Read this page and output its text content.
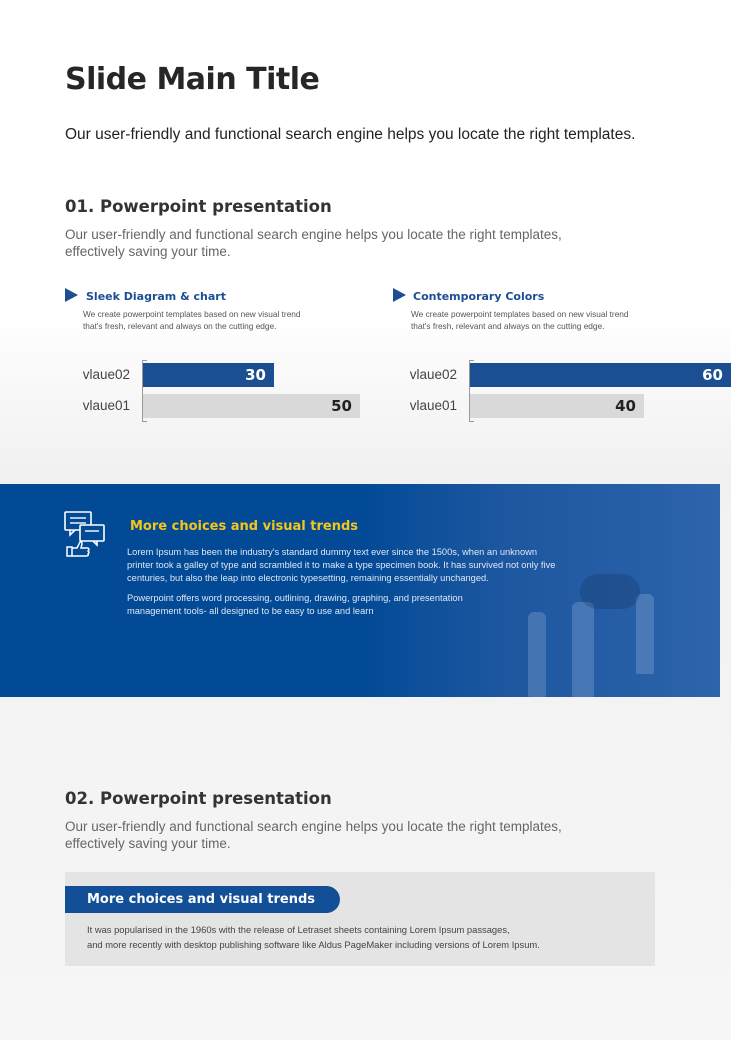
Slide Main Title
Our user-friendly and functional search engine helps you locate the right templates.
01. Powerpoint presentation
Our user-friendly and functional search engine helps you locate the right templates,
effectively saving your time.
Sleek Diagram & chart
We create powerpoint templates based on new visual trend
that's fresh, relevant and always on the cutting edge.
Contemporary Colors
We create powerpoint templates based on new visual trend
that's fresh, relevant and always on the cutting edge.
vlaue02
vlaue01
30
50
vlaue02
vlaue01
60
40
More choices and visual trends
Lorem Ipsum has been the industry's standard dummy text ever since the 1500s, when an unknown
printer took a galley of type and scrambled it to make a type specimen book. It has survived not only five
centuries, but also the leap into electronic typesetting, remaining essentially unchanged.
Powerpoint offers word processing, outlining, drawing, graphing, and presentation
management tools- all designed to be easy to use and learn
02. Powerpoint presentation
Our user-friendly and functional search engine helps you locate the right templates,
effectively saving your time.
More choices and visual trends
It was popularised in the 1960s with the release of Letraset sheets containing Lorem Ipsum passages,
and more recently with desktop publishing software like Aldus PageMaker including versions of Lorem Ipsum.
